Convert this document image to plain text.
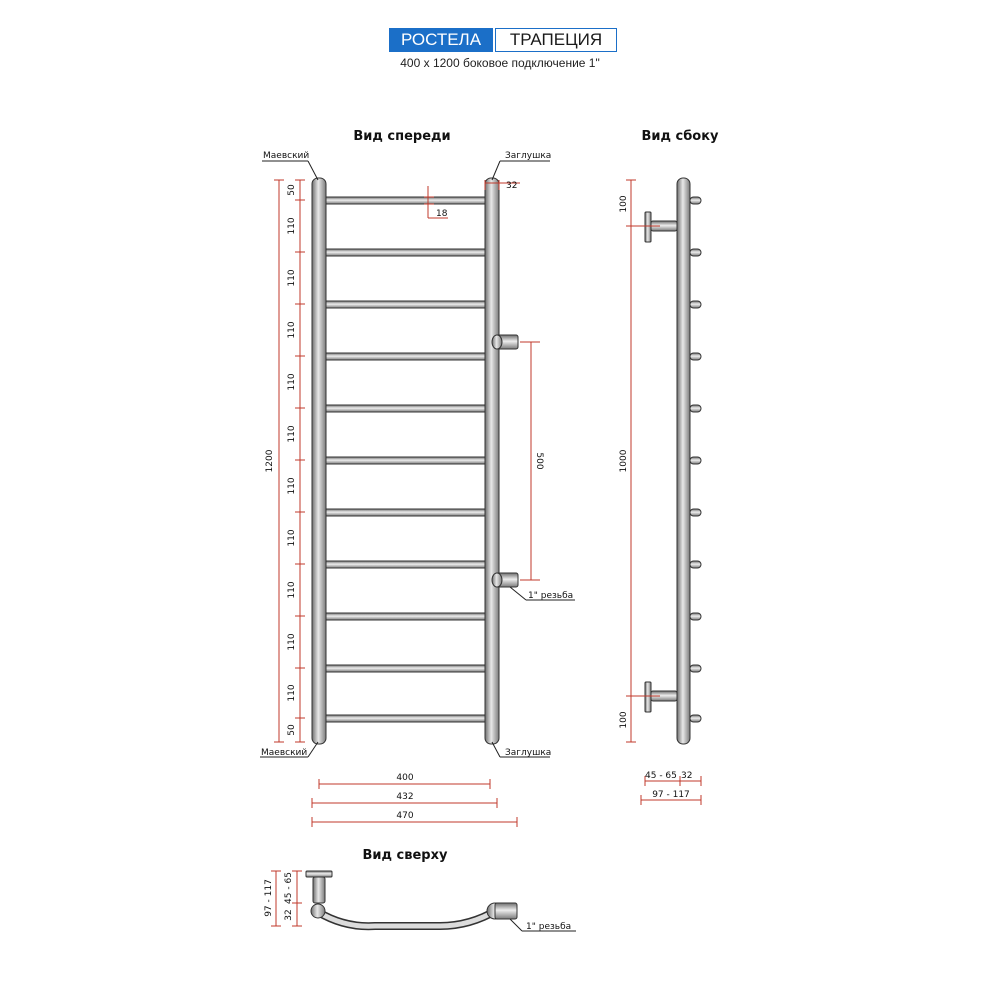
РОСТЕЛА	ТРАПЕЦИЯ
400 x 1200 боковое подключение 1"
Вид спереди
Маевский	Заглушка
Маевский	Заглушка
1" резьба
32
18
1200
50
110
110
110
110
110
110
110
110
110
110
50
500
400
432
470
Вид сбоку
100
1000
100
45 - 65 32
97 - 117
Вид сверху
1" резьба
97 - 117 32
45 - 65
